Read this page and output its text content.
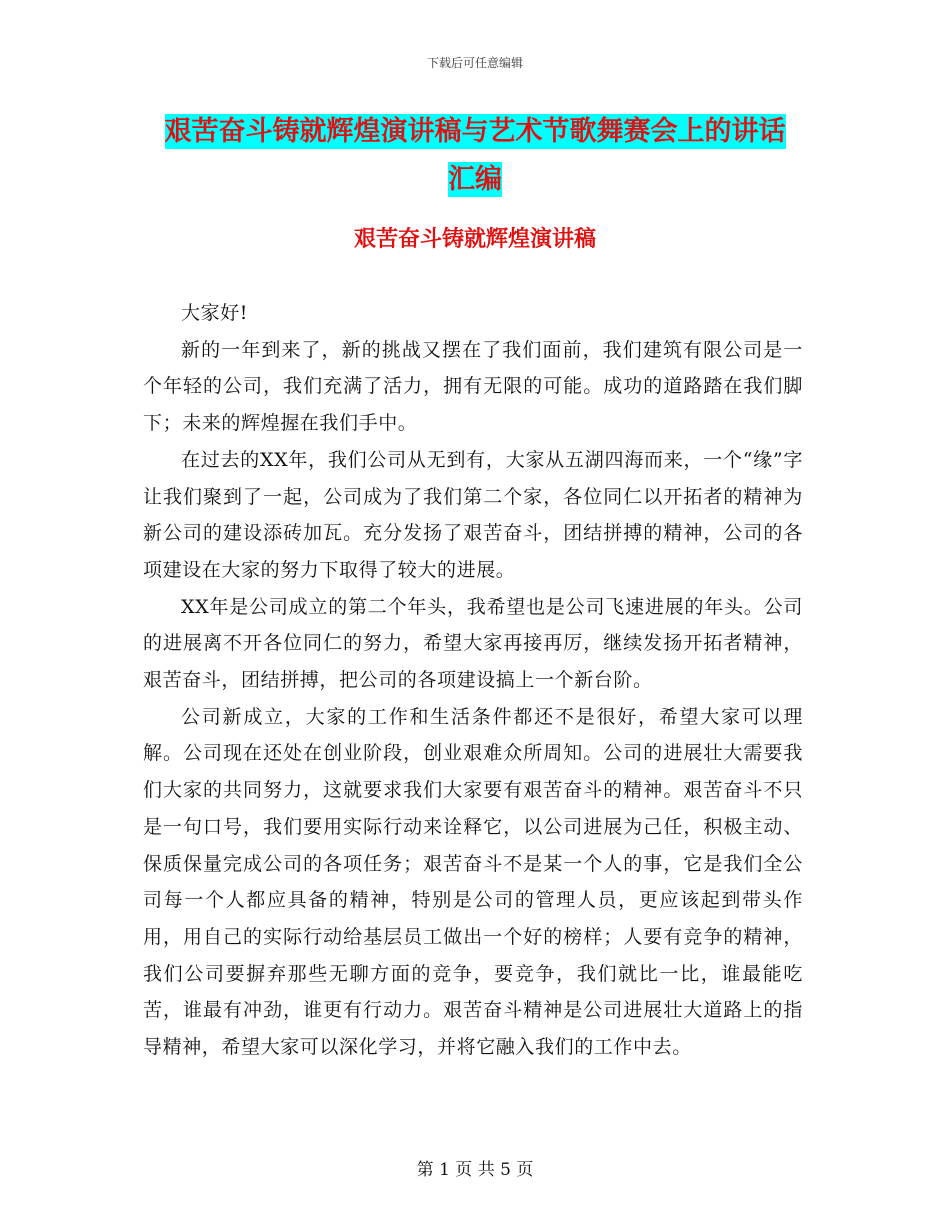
下载后可任意编辑
艰苦奋斗铸就辉煌演讲稿与艺术节歌舞赛会上的讲话
汇编
艰苦奋斗铸就辉煌演讲稿

大家好!

新的一年到来了，新的挑战又摆在了我们面前，我们建筑有限公司是一个年轻的公司，我们充满了活力，拥有无限的可能。成功的道路踏在我们脚下；未来的辉煌握在我们手中。

在过去的XX年，我们公司从无到有，大家从五湖四海而来，一个“缘”字让我们聚到了一起，公司成为了我们第二个家，各位同仁以开拓者的精神为新公司的建设添砖加瓦。充分发扬了艰苦奋斗，团结拼搏的精神，公司的各项建设在大家的努力下取得了较大的进展。

XX年是公司成立的第二个年头，我希望也是公司飞速进展的年头。公司的进展离不开各位同仁的努力，希望大家再接再厉，继续发扬开拓者精神，艰苦奋斗，团结拼搏，把公司的各项建设搞上一个新台阶。

公司新成立，大家的工作和生活条件都还不是很好，希望大家可以理解。公司现在还处在创业阶段，创业艰难众所周知。公司的进展壮大需要我们大家的共同努力，这就要求我们大家要有艰苦奋斗的精神。艰苦奋斗不只是一句口号，我们要用实际行动来诠释它，以公司进展为己任，积极主动、保质保量完成公司的各项任务；艰苦奋斗不是某一个人的事，它是我们全公司每一个人都应具备的精神，特别是公司的管理人员，更应该起到带头作用，用自己的实际行动给基层员工做出一个好的榜样；人要有竞争的精神，我们公司要摒弃那些无聊方面的竞争，要竞争，我们就比一比，谁最能吃苦，谁最有冲劲，谁更有行动力。艰苦奋斗精神是公司进展壮大道路上的指导精神，希望大家可以深化学习，并将它融入我们的工作中去。

第 1 页 共 5 页
